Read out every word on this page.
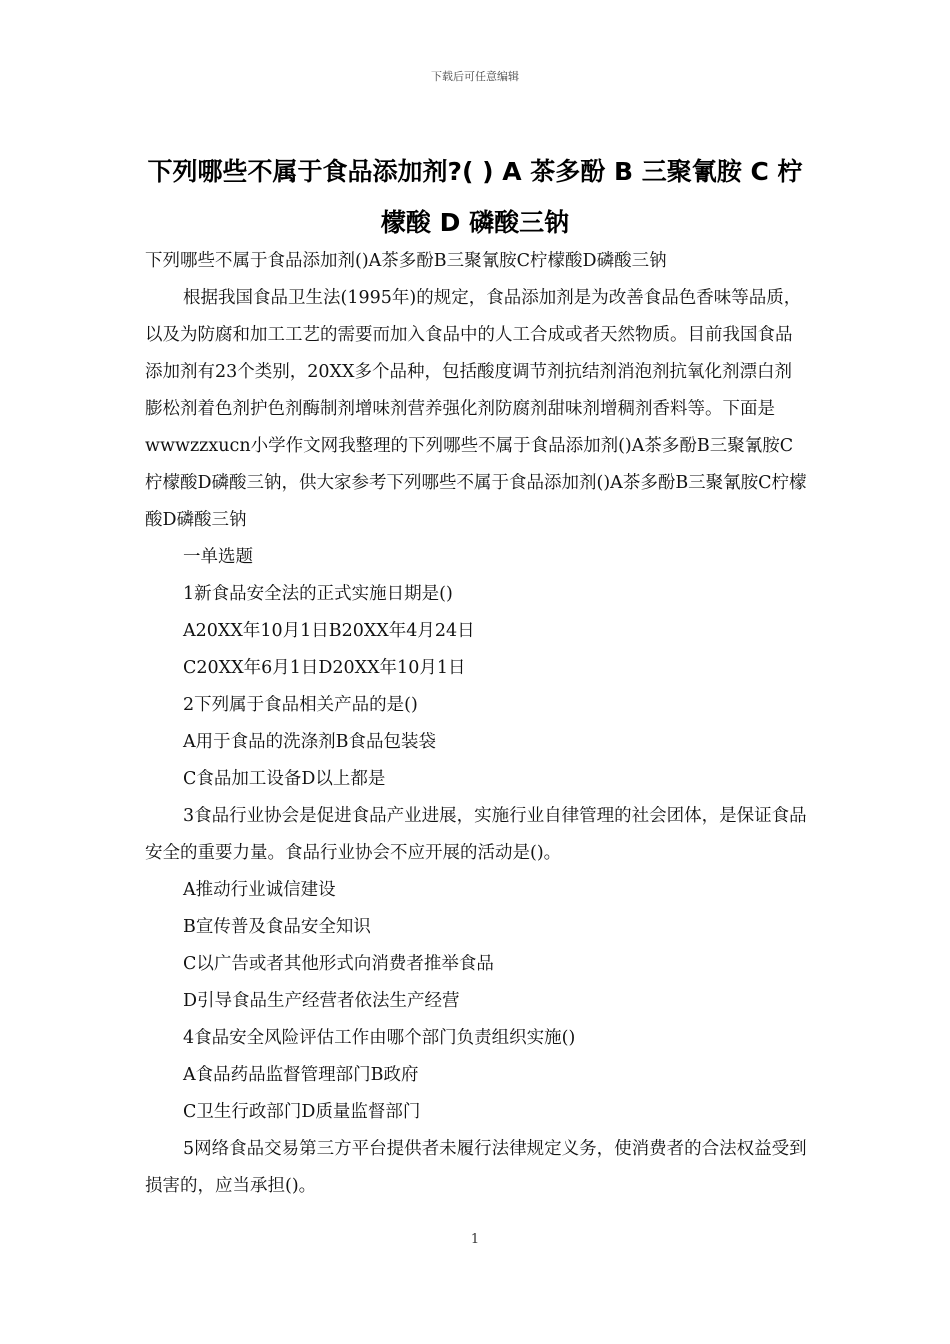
下载后可任意编辑
下列哪些不属于食品添加剂?( ) A 茶多酚 B 三聚氰胺 C 柠檬酸 D 磷酸三钠

下列哪些不属于食品添加剂()A茶多酚B三聚氰胺C柠檬酸D磷酸三钠

根据我国食品卫生法(1995年)的规定，食品添加剂是为改善食品色香味等品质，以及为防腐和加工工艺的需要而加入食品中的人工合成或者天然物质。目前我国食品添加剂有23个类别，20XX多个品种，包括酸度调节剂抗结剂消泡剂抗氧化剂漂白剂膨松剂着色剂护色剂酶制剂增味剂营养强化剂防腐剂甜味剂增稠剂香料等。下面是wwwzzxucn小学作文网我整理的下列哪些不属于食品添加剂()A茶多酚B三聚氰胺C柠檬酸D磷酸三钠，供大家参考下列哪些不属于食品添加剂()A茶多酚B三聚氰胺C柠檬酸D磷酸三钠

一单选题

1新食品安全法的正式实施日期是()

A20XX年10月1日B20XX年4月24日

C20XX年6月1日D20XX年10月1日

2下列属于食品相关产品的是()

A用于食品的洗涤剂B食品包装袋

C食品加工设备D以上都是

3食品行业协会是促进食品产业进展，实施行业自律管理的社会团体，是保证食品安全的重要力量。食品行业协会不应开展的活动是()。

A推动行业诚信建设

B宣传普及食品安全知识

C以广告或者其他形式向消费者推举食品

D引导食品生产经营者依法生产经营

4食品安全风险评估工作由哪个部门负责组织实施()

A食品药品监督管理部门B政府

C卫生行政部门D质量监督部门

5网络食品交易第三方平台提供者未履行法律规定义务，使消费者的合法权益受到损害的，应当承担()。

1
